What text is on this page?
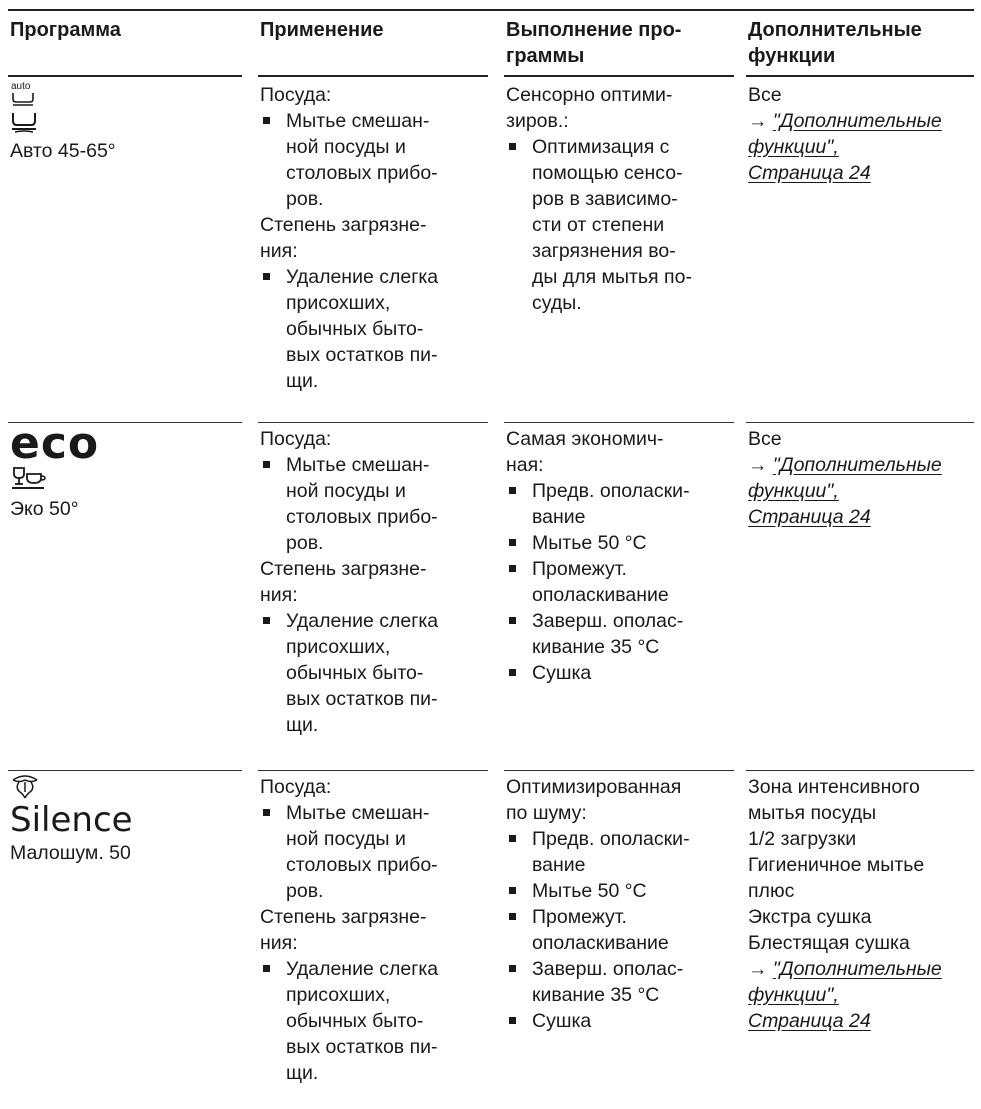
Программа	Применение	Выполнение про-
граммы
Дополнительные
функции
auto
Авто 45-65°
Посуда:
Мытье смешан-
ной посуды и
столовых прибо-
ров.
Степень загрязне-
ния:
Удаление слегка
присохших,
обычных быто-
вых остатков пи-
щи.
Сенсорно оптими-
зиров.:
Оптимизация с
помощью сенсо-
ров в зависимо-
сти от степени
загрязнения во-
ды для мытья по-
суды.
Все
→ "Дополнительные
функции",
Страница 24
eco
Эко 50°
Посуда:
Мытье смешан-
ной посуды и
столовых прибо-
ров.
Степень загрязне-
ния:
Удаление слегка
присохших,
обычных быто-
вых остатков пи-
щи.
Самая экономич-
ная:
Предв. ополаски-
вание
Мытье 50 °C
Промежут.
ополаскивание
Заверш. ополас-
кивание 35 °C
Сушка
Все
→ "Дополнительные
функции",
Страница 24
Silence
Малошум. 50
Посуда:
Мытье смешан-
ной посуды и
столовых прибо-
ров.
Степень загрязне-
ния:
Удаление слегка
присохших,
обычных быто-
вых остатков пи-
щи.
Оптимизированная
по шуму:
Предв. ополаски-
вание
Мытье 50 °C
Промежут.
ополаскивание
Заверш. ополас-
кивание 35 °C
Сушка
Зона интенсивного
мытья посуды
1/2 загрузки
Гигиеничное мытье
плюс
Экстра сушка
Блестящая сушка
→ "Дополнительные
функции",
Страница 24
